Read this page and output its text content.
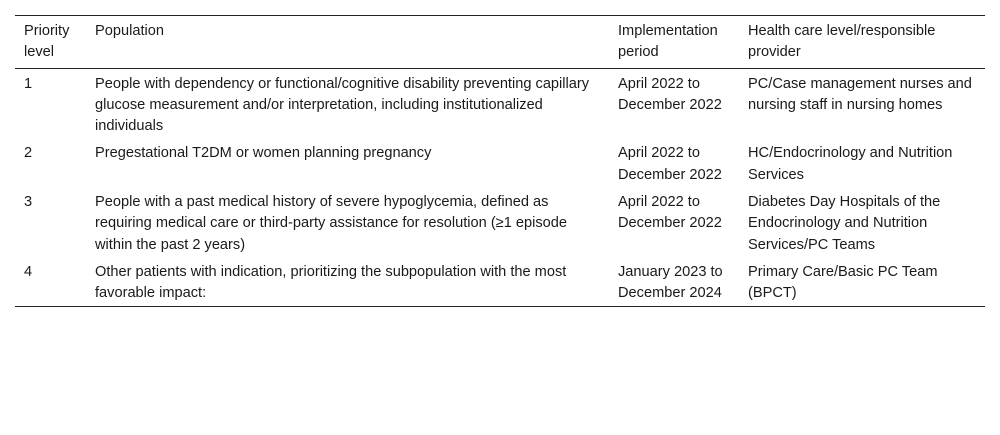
Priority level	Population	Implementation period	Health care level/responsible provider
1	People with dependency or functional/cognitive disability preventing capillary glucose measurement and/or interpretation, including institutionalized individuals	April 2022 to December 2022	PC/Case management nurses and nursing staff in nursing homes
2	Pregestational T2DM or women planning pregnancy	April 2022 to December 2022	HC/Endocrinology and Nutrition Services
3	People with a past medical history of severe hypoglycemia, defined as requiring medical care or third-party assistance for resolution (≥1 episode within the past 2 years)	April 2022 to December 2022	Diabetes Day Hospitals of the Endocrinology and Nutrition Services/PC Teams
4	Other patients with indication, prioritizing the subpopulation with the most favorable impact:	January 2023 to December 2024	Primary Care/Basic PC Team (BPCT)
